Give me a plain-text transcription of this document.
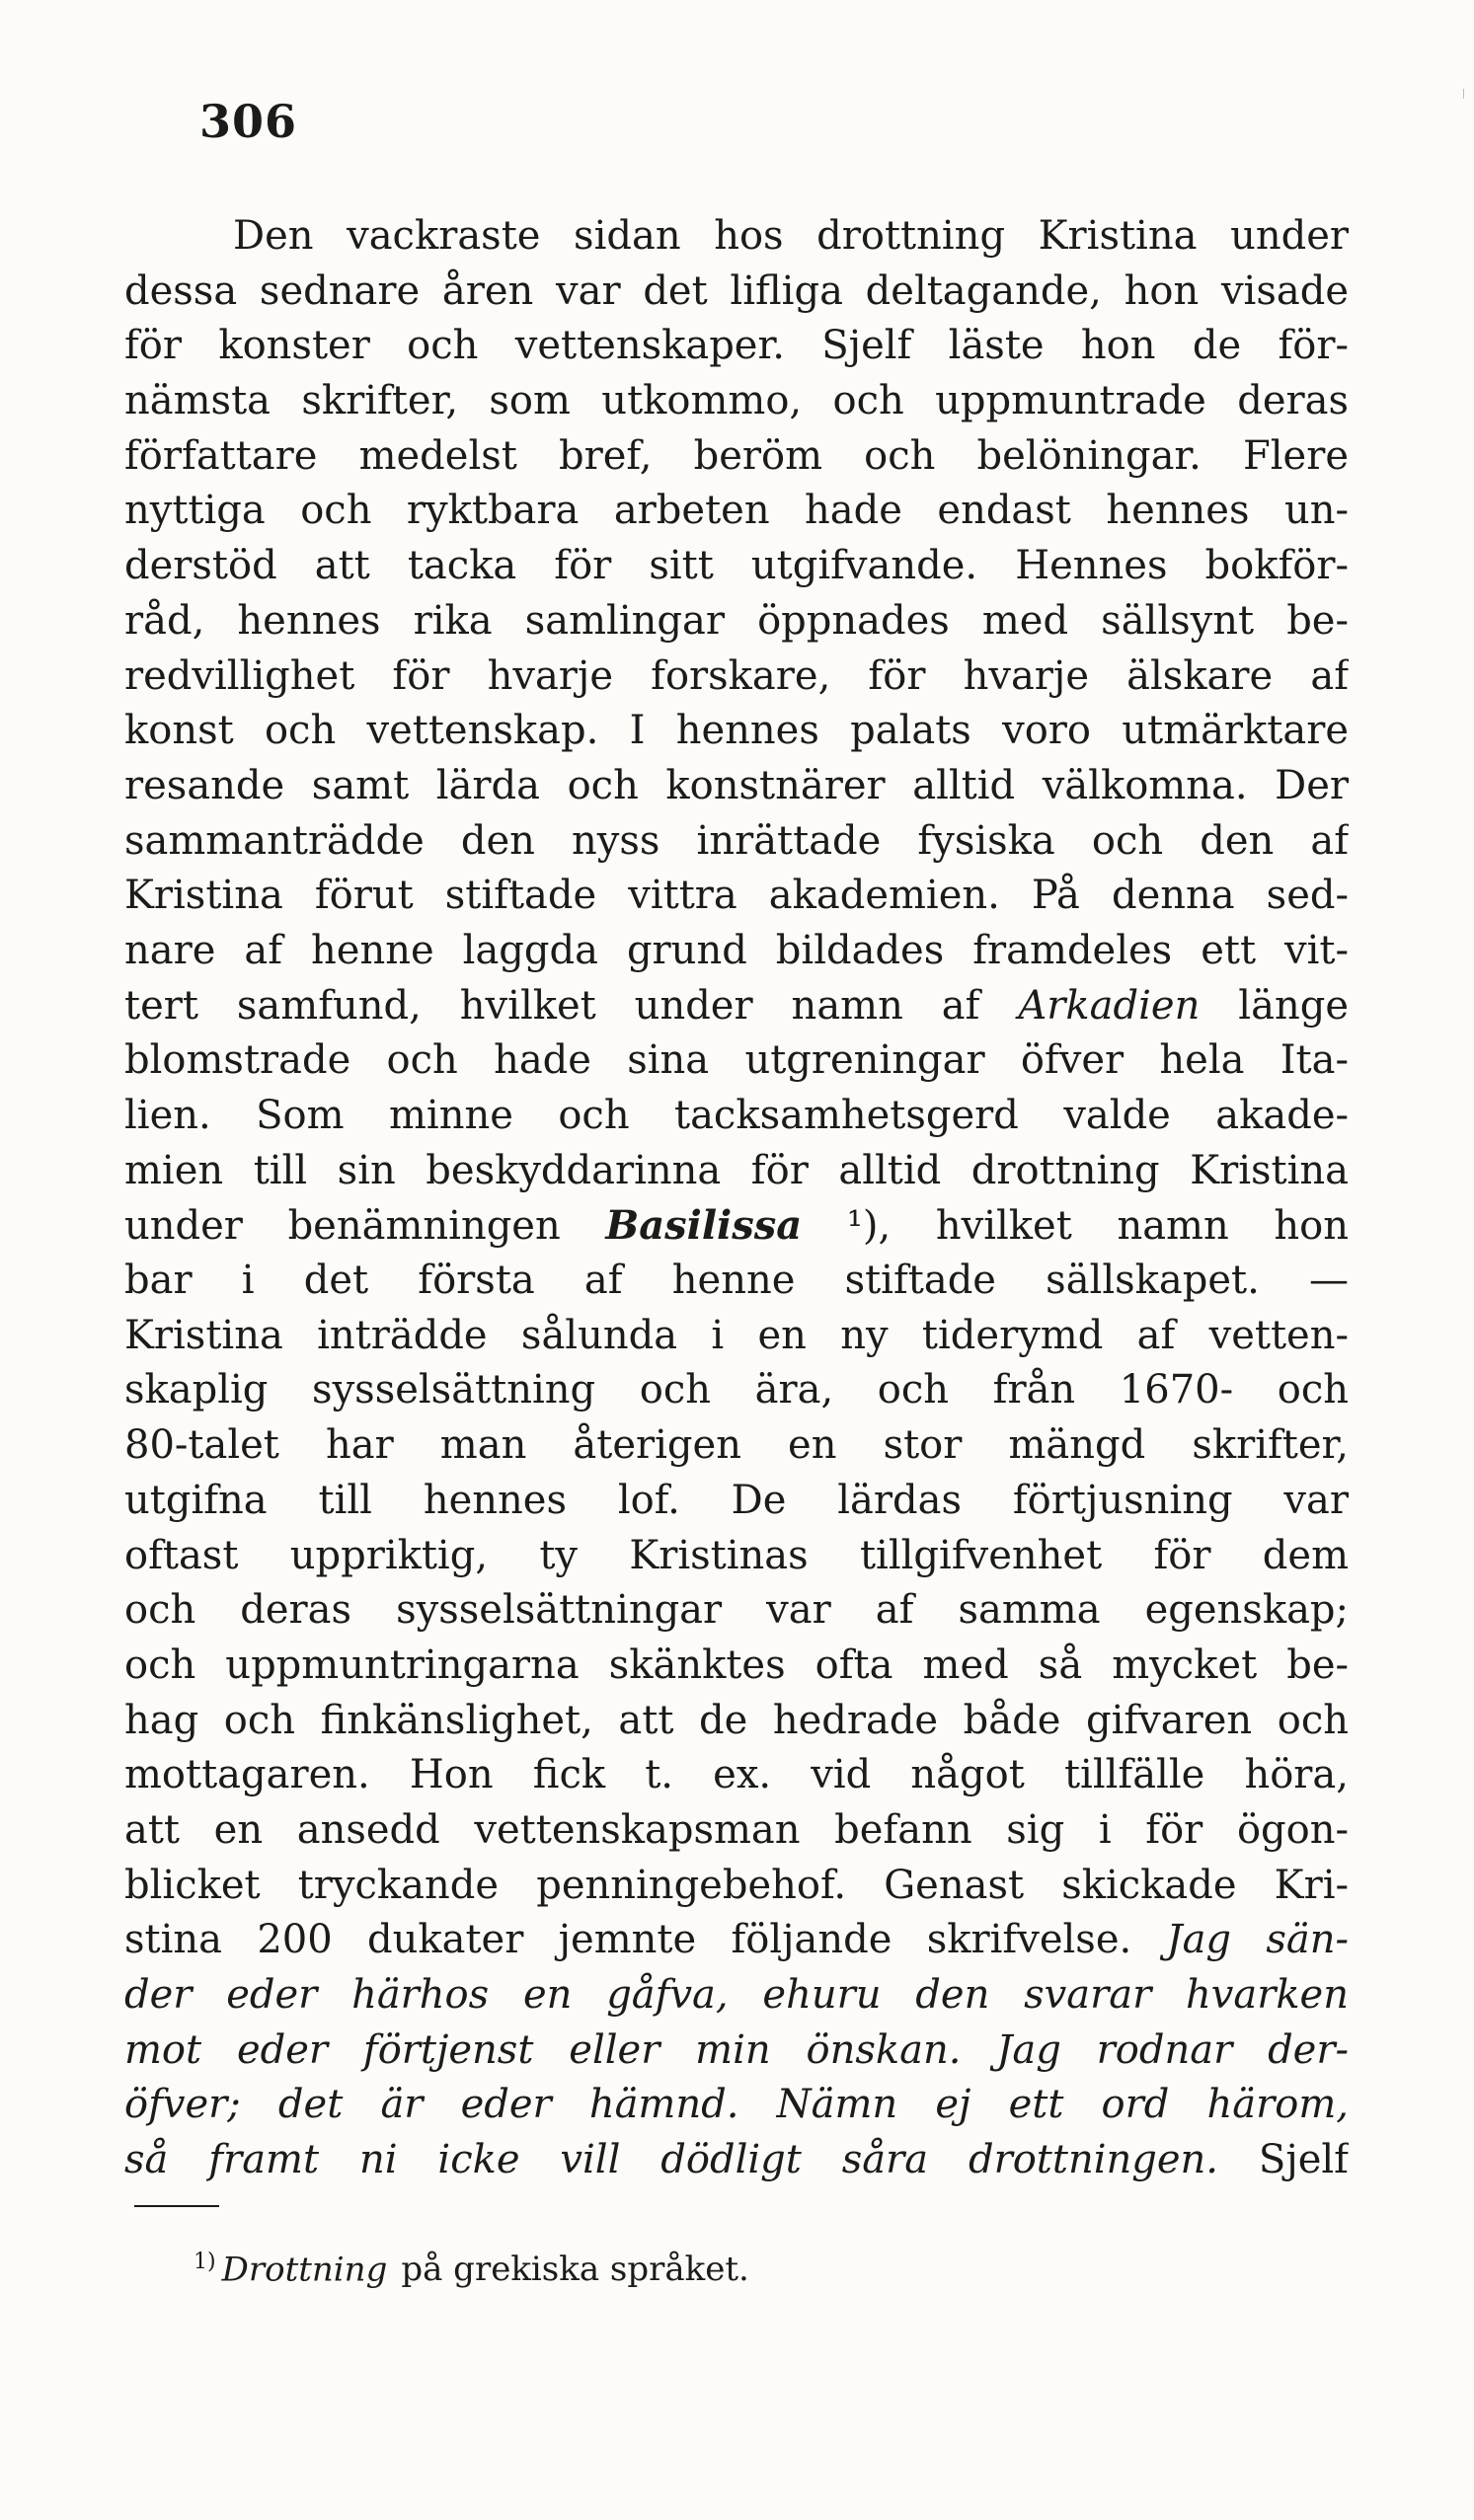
306
Den vackraste sidan hos drottning Kristina under
dessa sednare åren var det lifliga deltagande, hon visade
för konster och vettenskaper. Sjelf läste hon de för-
nämsta skrifter, som utkommo, och uppmuntrade deras
författare medelst bref, beröm och belöningar. Flere
nyttiga och ryktbara arbeten hade endast hennes un-
derstöd att tacka för sitt utgifvande. Hennes bokför-
råd, hennes rika samlingar öppnades med sällsynt be-
redvillighet för hvarje forskare, för hvarje älskare af
konst och vettenskap. I hennes palats voro utmärktare
resande samt lärda och konstnärer alltid välkomna. Der
sammanträdde den nyss inrättade fysiska och den af
Kristina förut stiftade vittra akademien. På denna sed-
nare af henne laggda grund bildades framdeles ett vit-
tert samfund, hvilket under namn af Arkadien länge
blomstrade och hade sina utgreningar öfver hela Ita-
lien. Som minne och tacksamhetsgerd valde akade-
mien till sin beskyddarinna för alltid drottning Kristina
under benämningen Basilissa ¹), hvilket namn hon
bar i det första af henne stiftade sällskapet. —
Kristina inträdde sålunda i en ny tiderymd af vetten-
skaplig sysselsättning och ära, och från 1670- och
80-talet har man återigen en stor mängd skrifter,
utgifna till hennes lof. De lärdas förtjusning var
oftast uppriktig, ty Kristinas tillgifvenhet för dem
och deras sysselsättningar var af samma egenskap;
och uppmuntringarna skänktes ofta med så mycket be-
hag och finkänslighet, att de hedrade både gifvaren och
mottagaren. Hon fick t. ex. vid något tillfälle höra,
att en ansedd vettenskapsman befann sig i för ögon-
blicket tryckande penningebehof. Genast skickade Kri-
stina 200 dukater jemnte följande skrifvelse. Jag sän-
der eder härhos en gåfva, ehuru den svarar hvarken
mot eder förtjenst eller min önskan. Jag rodnar der-
öfver; det är eder hämnd. Nämn ej ett ord härom,
så framt ni icke vill dödligt såra drottningen. Sjelf
$^{1)}$ Drottning på grekiska språket.
